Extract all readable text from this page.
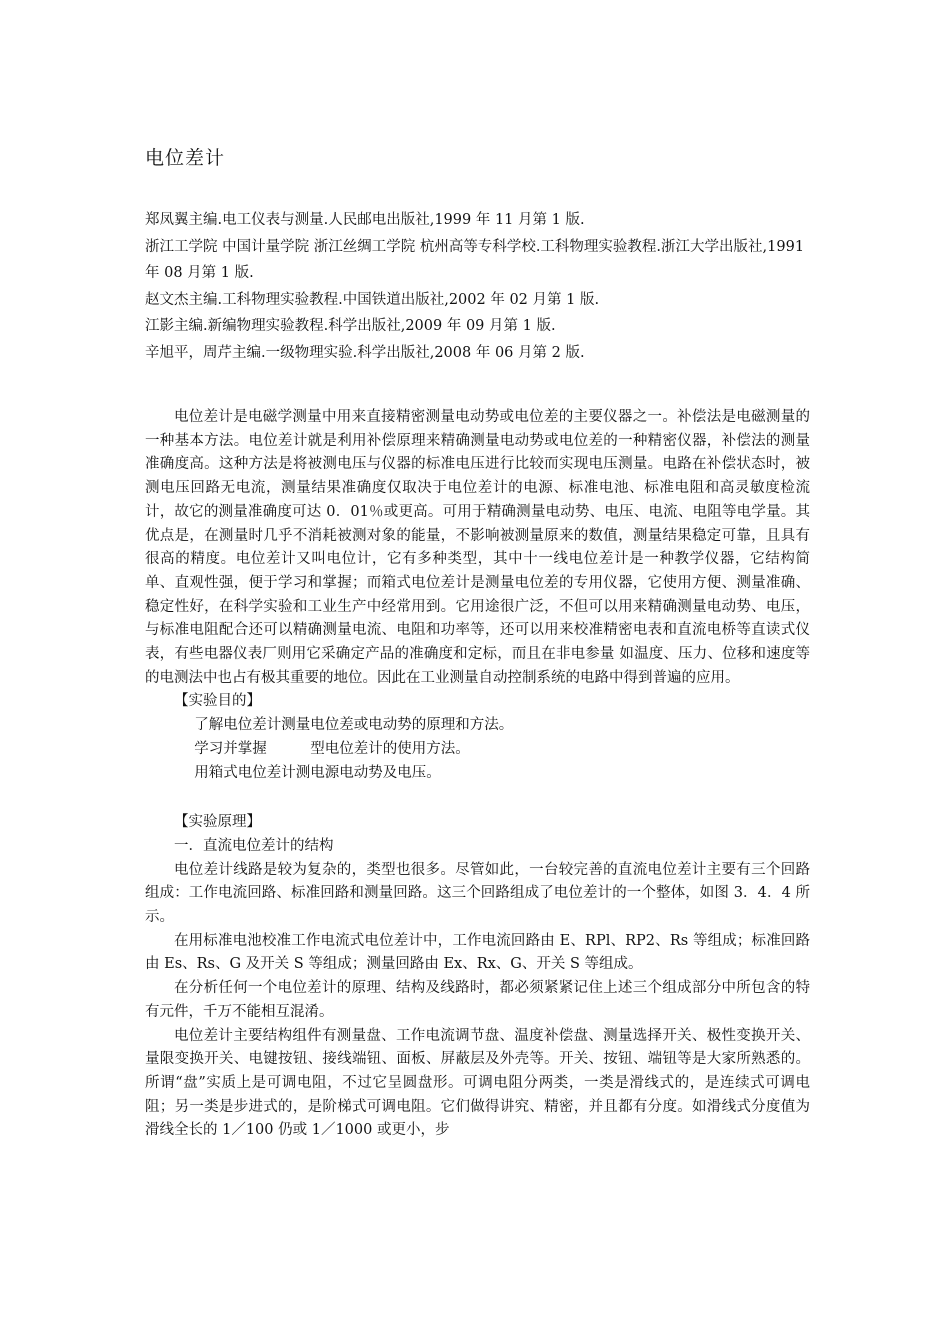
电位差计
郑凤翼主编.电工仪表与测量.人民邮电出版社,1999 年 11 月第 1 版.
浙江工学院 中国计量学院 浙江丝绸工学院 杭州高等专科学校.工科物理实验教程.浙江大学出版社,1991 年 08 月第 1 版.
赵文杰主编.工科物理实验教程.中国铁道出版社,2002 年 02 月第 1 版.
江影主编.新编物理实验教程.科学出版社,2009 年 09 月第 1 版.
辛旭平，周芹主编.一级物理实验.科学出版社,2008 年 06 月第 2 版.

电位差计是电磁学测量中用来直接精密测量电动势或电位差的主要仪器之一。补偿法是电磁测量的一种基本方法。电位差计就是利用补偿原理来精确测量电动势或电位差的一种精密仪器，补偿法的测量准确度高。这种方法是将被测电压与仪器的标准电压进行比较而实现电压测量。电路在补偿状态时，被测电压回路无电流，测量结果准确度仅取决于电位差计的电源、标准电池、标准电阻和高灵敏度检流计，故它的测量准确度可达 0．01％或更高。可用于精确测量电动势、电压、电流、电阻等电学量。其优点是，在测量时几乎不消耗被测对象的能量，不影响被测量原来的数值，测量结果稳定可靠，且具有很高的精度。电位差计又叫电位计，它有多种类型，其中十一线电位差计是一种教学仪器，它结构简单、直观性强，便于学习和掌握；而箱式电位差计是测量电位差的专用仪器，它使用方便、测量准确、稳定性好，在科学实验和工业生产中经常用到。它用途很广泛，不但可以用来精确测量电动势、电压，与标准电阻配合还可以精确测量电流、电阻和功率等，还可以用来校准精密电表和直流电桥等直读式仪表，有些电器仪表厂则用它采确定产品的准确度和定标，而且在非电参量 如温度、压力、位移和速度等 的电测法中也占有极其重要的地位。因此在工业测量自动控制系统的电路中得到普遍的应用。

【实验目的】

了解电位差计测量电位差或电动势的原理和方法。

学习并掌握　　　型电位差计的使用方法。

用箱式电位差计测电源电动势及电压。

【实验原理】

一．直流电位差计的结构

电位差计线路是较为复杂的，类型也很多。尽管如此，一台较完善的直流电位差计主要有三个回路组成：工作电流回路、标准回路和测量回路。这三个回路组成了电位差计的一个整体，如图 3．4．4 所示。

在用标准电池校准工作电流式电位差计中，工作电流回路由 E、RPl、RP2、Rs 等组成；标准回路由 Es、Rs、G 及开关 S 等组成；测量回路由 Ex、Rx、G、开关 S 等组成。

在分析任何一个电位差计的原理、结构及线路时，都必须紧紧记住上述三个组成部分中所包含的特有元件，千万不能相互混淆。

电位差计主要结构组件有测量盘、工作电流调节盘、温度补偿盘、测量选择开关、极性变换开关、量限变换开关、电键按钮、接线端钮、面板、屏蔽层及外壳等。开关、按钮、端钮等是大家所熟悉的。所谓“盘”实质上是可调电阻，不过它呈圆盘形。可调电阻分两类，一类是滑线式的，是连续式可调电阻；另一类是步进式的，是阶梯式可调电阻。它们做得讲究、精密，并且都有分度。如滑线式分度值为滑线全长的 1／100 仍或 1／1000 或更小，步
